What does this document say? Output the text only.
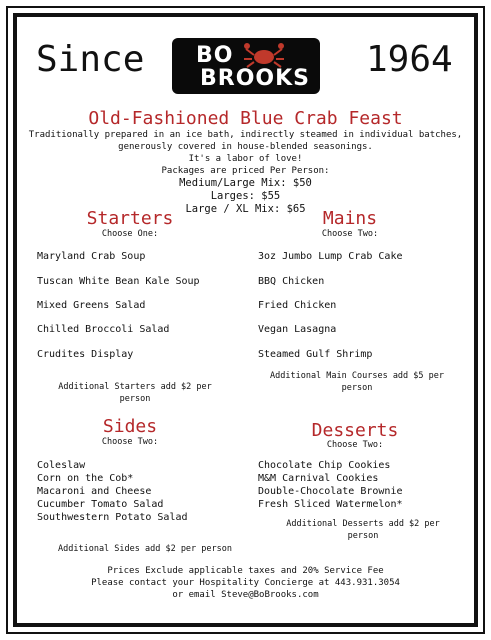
Since BO
BROOKS 1964
Old-Fashioned Blue Crab Feast
Traditionally prepared in an ice bath, indirectly steamed in individual batches,
generously covered in house-blended seasonings.
It's a labor of love!
Packages are priced Per Person:
Medium/Large Mix: $50
Larges: $55
Large / XL Mix: $65
Starters
Choose One:
Maryland Crab Soup
Tuscan White Bean Kale Soup
Mixed Greens Salad
Chilled Broccoli Salad
Crudites Display
Additional Starters add $2 per
person
Mains
Choose Two:
3oz Jumbo Lump Crab Cake
BBQ Chicken
Fried Chicken
Vegan Lasagna
Steamed Gulf Shrimp
Additional Main Courses add $5 per
person
Sides
Choose Two:
Coleslaw
Corn on the Cob*
Macaroni and Cheese
Cucumber Tomato Salad
Southwestern Potato Salad
Additional Sides add $2 per person
Desserts
Choose Two:
Chocolate Chip Cookies
M&M Carnival Cookies
Double-Chocolate Brownie
Fresh Sliced Watermelon*
Additional Desserts add $2 per
person
Prices Exclude applicable taxes and 20% Service Fee
Please contact your Hospitality Concierge at 443.931.3054
or email Steve@BoBrooks.com
